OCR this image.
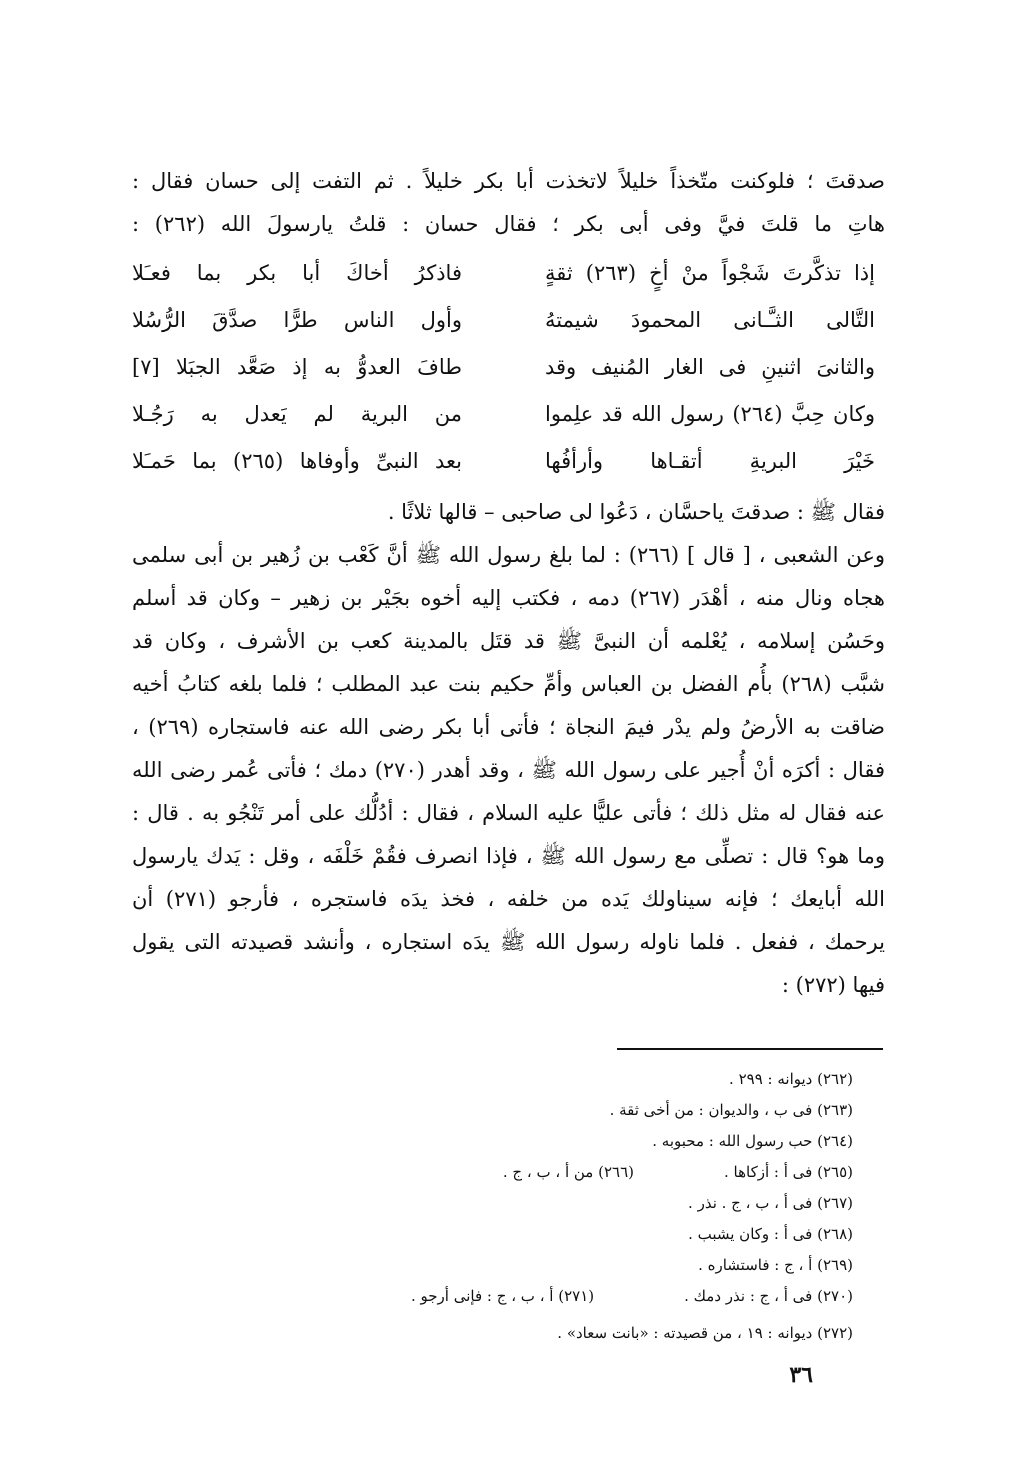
صدقتَ ؛ فلوكنت متّخذاً خليلاً لاتخذت أبا بكر خليلاً . ثم التفت إلى حسان فقال :
هاتِ ما قلتَ فيَّ وفى أبى بكر ؛ فقال حسان : قلتُ يارسولَ الله (٢٦٢) :
إذا تذكَّرتَ شَجْواً منْ أخٍ (٢٦٣) ثقةٍ
فاذكرُ أخاكَ أبا بكر بما فعـَلا
التَّالى الثـَّـانى المحمودَ شيمتهُ
وأول الناس طرًّا صدَّقَ الرُّسُلا
والثانىَ اثنينِ فى الغار المُنيف وقد
طافَ العدوُّ به إذ صَعَّد الجبَلا [٧]
وكان حِبَّ (٢٦٤) رسول الله قد علِموا
من البرية لم يَعدل به رَجُـلا
خَيْرَ البريةِ أتقـاها وأرأفُها
بعد النبىِّ وأوفاها (٢٦٥) بما حَمـَلا
فقال ﷺ : صدقتَ ياحسَّان ، دَعُوا لى صاحبى – قالها ثلاثًا .
وعن الشعبى ، [ قال ] (٢٦٦) : لما بلغ رسول الله ﷺ أنَّ كَعْب بن زُهير بن أبى سلمى
هجاه ونال منه ، أهْدَر (٢٦٧) دمه ، فكتب إليه أخوه بجَيْر بن زهير – وكان قد أسلم
وحَسُن إسلامه ، يُعْلمه أن النبىَّ ﷺ قد قتَل بالمدينة كعب بن الأشرف ، وكان قد
شبَّب (٢٦٨) بأُم الفضل بن العباس وأمِّ حكيم بنت عبد المطلب ؛ فلما بلغه كتابُ أخيه
ضاقت به الأرضُ ولم يدْر فيمَ النجاة ؛ فأتى أبا بكر رضى الله عنه فاستجاره (٢٦٩) ،
فقال : أكرَه أنْ أُجير على رسول الله ﷺ ، وقد أهدر (٢٧٠) دمك ؛ فأتى عُمر رضى الله
عنه فقال له مثل ذلك ؛ فأتى عليًّا عليه السلام ، فقال : أدُلُّك على أمر تَنْجُو به . قال :
وما هو؟ قال : تصلِّى مع رسول الله ﷺ ، فإذا انصرف فقُمْ خَلْفَه ، وقل : يَدك يارسول
الله أبايعك ؛ فإنه سيناولك يَده من خلفه ، فخذ يدَه فاستجره ، فأرجو (٢٧١) أن
يرحمك ، ففعل . فلما ناوله رسول الله ﷺ يدَه استجاره ، وأنشد قصيدته التى يقول
فيها (٢٧٢) :
(٢٦٢) ديوانه : ٢٩٩ .
(٢٦٣) فى ب ، والديوان : من أخى ثقة .
(٢٦٤) حب رسول الله : محبوبه .
(٢٦٥) فى أ : أزكاها .(٢٦٦) من أ ، ب ، ج .
(٢٦٧) فى أ ، ب ، ج . نذر .
(٢٦٨) فى أ : وكان يشبب .
(٢٦٩) أ ، ج : فاستشاره .
(٢٧٠) فى أ ، ج : نذر دمك .(٢٧١) أ ، ب ، ج : فإنى أرجو .
(٢٧٢) ديوانه : ١٩ ، من قصيدته : «بانت سعاد» .
٣٦
